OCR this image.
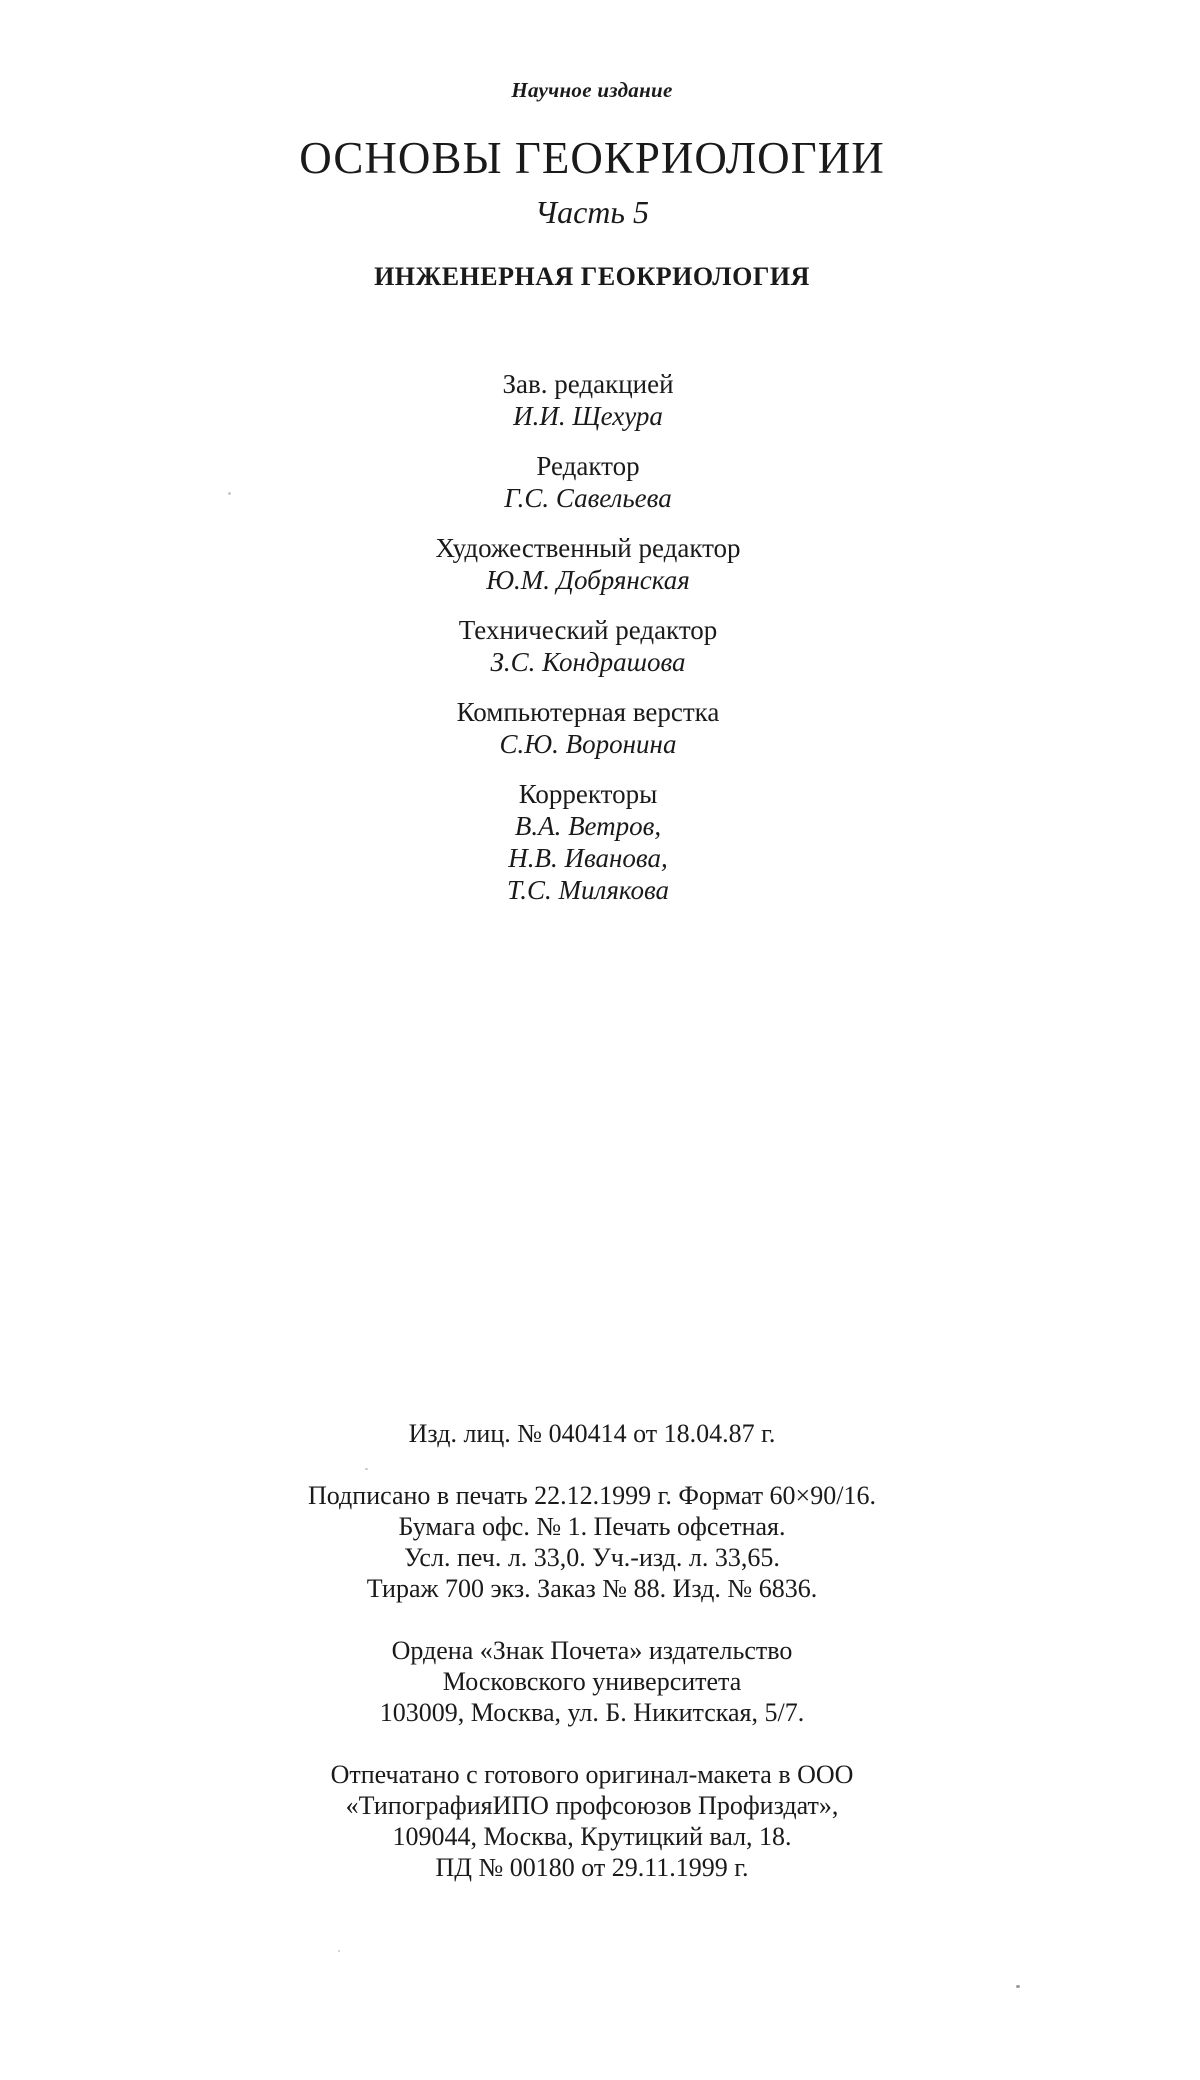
Научное издание
ОСНОВЫ ГЕОКРИОЛОГИИ
Часть 5
ИНЖЕНЕРНАЯ ГЕОКРИОЛОГИЯ
Зав. редакцией
И.И. Щехура
Редактор
Г.С. Савельева
Художественный редактор
Ю.М. Добрянская
Технический редактор
З.С. Кондрашова
Компьютерная верстка
С.Ю. Воронина
Корректоры
В.А. Ветров,
Н.В. Иванова,
Т.С. Милякова
Изд. лиц. № 040414 от 18.04.87 г.
Подписано в печать 22.12.1999 г. Формат 60×90/16.
Бумага офс. № 1. Печать офсетная.
Усл. печ. л. 33,0. Уч.-изд. л. 33,65.
Тираж 700 экз. Заказ № 88. Изд. № 6836.
Ордена «Знак Почета» издательство
Московского университета
103009, Москва, ул. Б. Никитская, 5/7.
Отпечатано с готового оригинал-макета в ООО
«ТипографияИПО профсоюзов Профиздат»,
109044, Москва, Крутицкий вал, 18.
ПД № 00180 от 29.11.1999 г.
